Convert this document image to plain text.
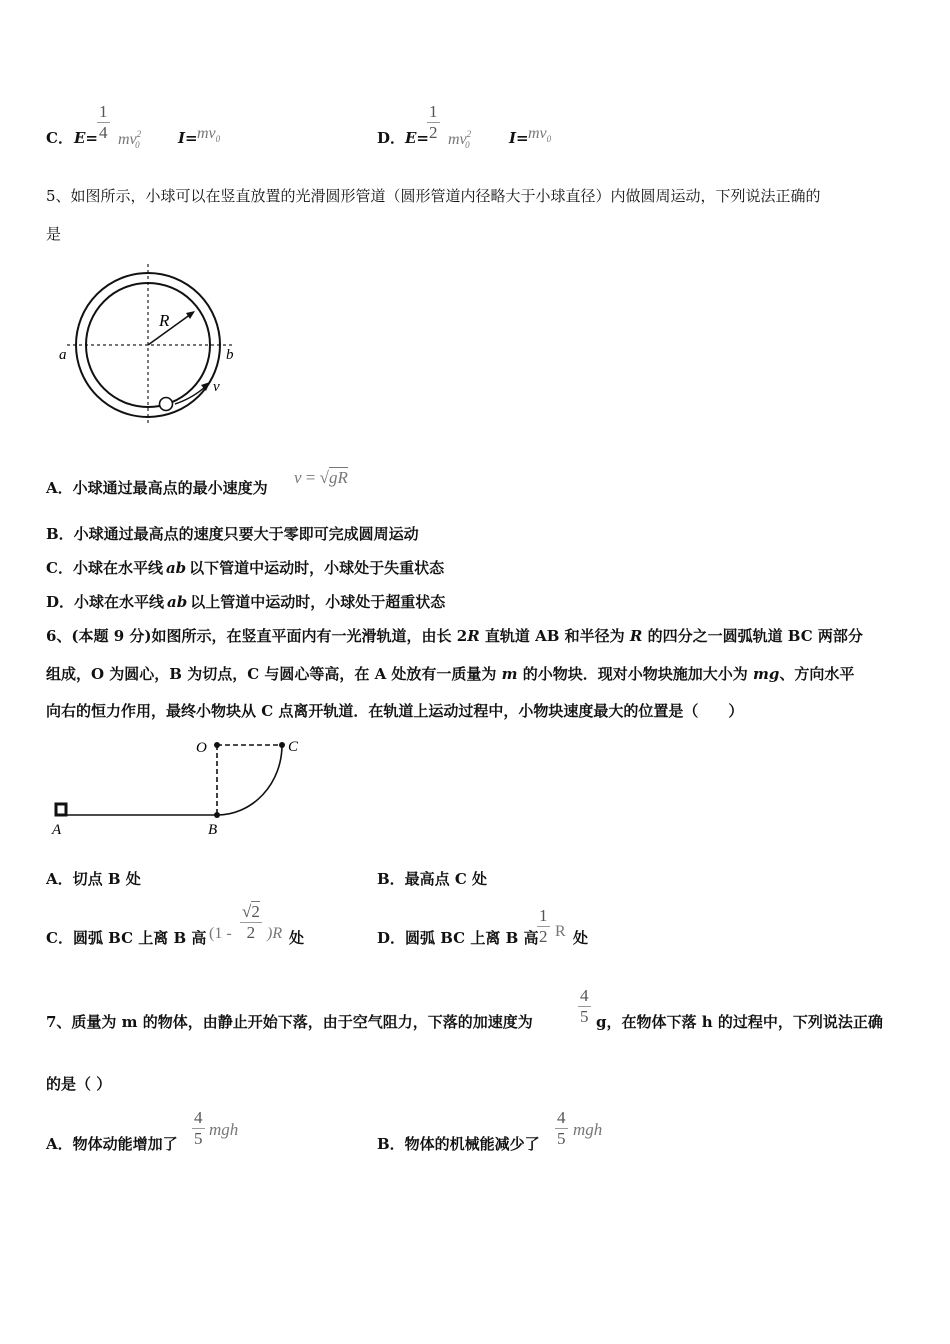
C． E=
$\frac{1}{4} mv^2_0$	$I= mv_0$	D． E=
$\frac{1}{2} mv^2_0$	$I= mv_0$
5、如图所示，小球可以在竖直放置的光滑圆形管道（圆形管道内径略大于小球直径）内做圆周运动，下列说法正确的
是
R
a	b
v
A．小球通过最高点的最小速度为
v = √gR
B．小球通过最高点的速度只要大于零即可完成圆周运动
C．小球在水平线 ab 以下管道中运动时，小球处于失重状态
D．小球在水平线 ab 以上管道中运动时，小球处于超重状态
6、(本题 9 分)如图所示，在竖直平面内有一光滑轨道，由长 2R 直轨道 AB 和半径为 R 的四分之一圆弧轨道 BC 两部分
组成，O 为圆心，B 为切点，C 与圆心等高，在 A 处放有一质量为 m 的小物块．现对小物块施加大小为 mg、方向水平
向右的恒力作用，最终小物块从 C 点离开轨道．在轨道上运动过程中，小物块速度最大的位置是（　　）
O	C
A	B
A．切点 B 处	B．最高点 C 处
C．圆弧 BC 上离 B 高 $(1 - \frac{√2}{2} )R$ 处	D．圆弧 BC 上离 B 高
$\frac{1}{2}$ R 处
7、质量为 m 的物体，由静止开始下落，由于空气阻力，下落的加速度为	$\frac{4}{5}$ g，在物体下落 h 的过程中，下列说法正确
的是（ ）
A．物体动能增加了 $\frac{4}{5}$ mgh
B．物体的机械能减少了 $\frac{4}{5}$ mgh
